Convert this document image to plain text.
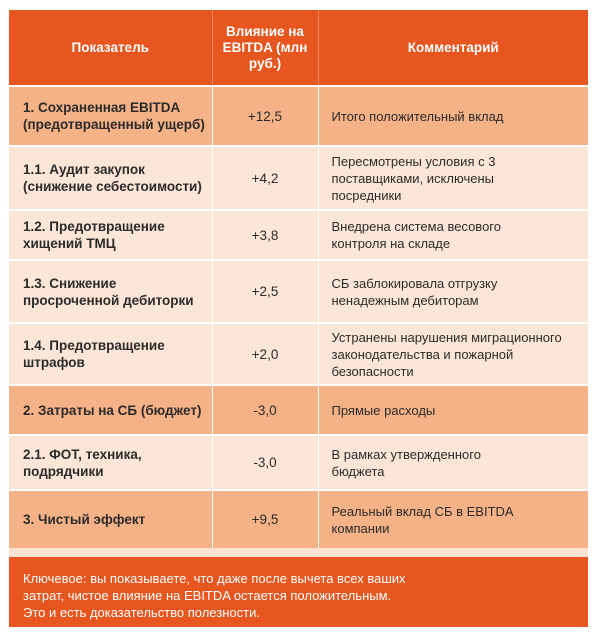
Показатель	Влияние на EBITDA (млн руб.)	Комментарий
1. Сохраненная EBITDA (предотвращенный ущерб)	+12,5	Итого положительный вклад
1.1. Аудит закупок (снижение себестоимости)	+4,2	Пересмотрены условия с 3 поставщиками, исключены посредники
1.2. Предотвращение хищений ТМЦ	+3,8	Внедрена система весового контроля на складе
1.3. Снижение просроченной дебиторки	+2,5	СБ заблокировала отгрузку ненадежным дебиторам
1.4. Предотвращение штрафов	+2,0	Устранены нарушения миграционного законодательства и пожарной безопасности
2. Затраты на СБ (бюджет)	-3,0	Прямые расходы
2.1. ФОТ, техника, подрядчики	-3,0	В рамках утвержденного бюджета
3. Чистый эффект	+9,5	Реальный вклад СБ в EBITDA компании
Ключевое: вы показываете, что даже после вычета всех ваших
затрат, чистое влияние на EBITDA остается положительным.
Это и есть доказательство полезности.
